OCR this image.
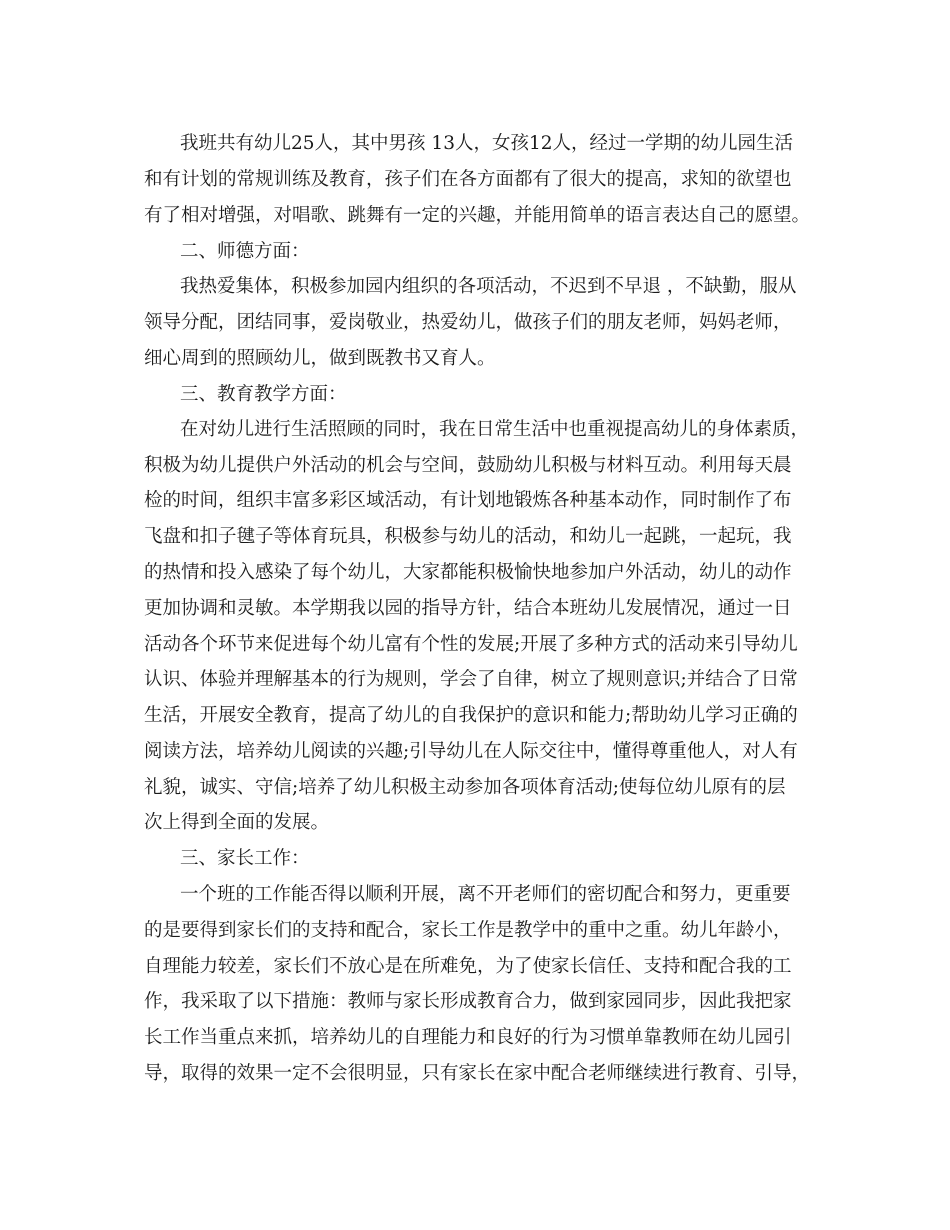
我班共有幼儿25人，其中男孩 13人，女孩12人，经过一学期的幼儿园生活

和有计划的常规训练及教育，孩子们在各方面都有了很大的提高，求知的欲望也

有了相对增强，对唱歌、跳舞有一定的兴趣，并能用简单的语言表达自己的愿望。

二、师德方面：

我热爱集体，积极参加园内组织的各项活动，不迟到不早退 ，不缺勤，服从

领导分配，团结同事，爱岗敬业，热爱幼儿，做孩子们的朋友老师，妈妈老师，

细心周到的照顾幼儿，做到既教书又育人。

三、教育教学方面：

在对幼儿进行生活照顾的同时，我在日常生活中也重视提高幼儿的身体素质，

积极为幼儿提供户外活动的机会与空间，鼓励幼儿积极与材料互动。利用每天晨

检的时间，组织丰富多彩区域活动，有计划地锻炼各种基本动作，同时制作了布

飞盘和扣子毽子等体育玩具，积极参与幼儿的活动，和幼儿一起跳，一起玩，我

的热情和投入感染了每个幼儿，大家都能积极愉快地参加户外活动，幼儿的动作

更加协调和灵敏。本学期我以园的指导方针，结合本班幼儿发展情况，通过一日

活动各个环节来促进每个幼儿富有个性的发展;开展了多种方式的活动来引导幼儿

认识、体验并理解基本的行为规则，学会了自律，树立了规则意识;并结合了日常

生活，开展安全教育，提高了幼儿的自我保护的意识和能力;帮助幼儿学习正确的

阅读方法，培养幼儿阅读的兴趣;引导幼儿在人际交往中，懂得尊重他人，对人有

礼貌，诚实、守信;培养了幼儿积极主动参加各项体育活动;使每位幼儿原有的层

次上得到全面的发展。

三、家长工作：

一个班的工作能否得以顺利开展，离不开老师们的密切配合和努力，更重要

的是要得到家长们的支持和配合，家长工作是教学中的重中之重。幼儿年龄小，

自理能力较差，家长们不放心是在所难免，为了使家长信任、支持和配合我的工

作，我采取了以下措施：教师与家长形成教育合力，做到家园同步，因此我把家

长工作当重点来抓，培养幼儿的自理能力和良好的行为习惯单靠教师在幼儿园引

导，取得的效果一定不会很明显，只有家长在家中配合老师继续进行教育、引导，
